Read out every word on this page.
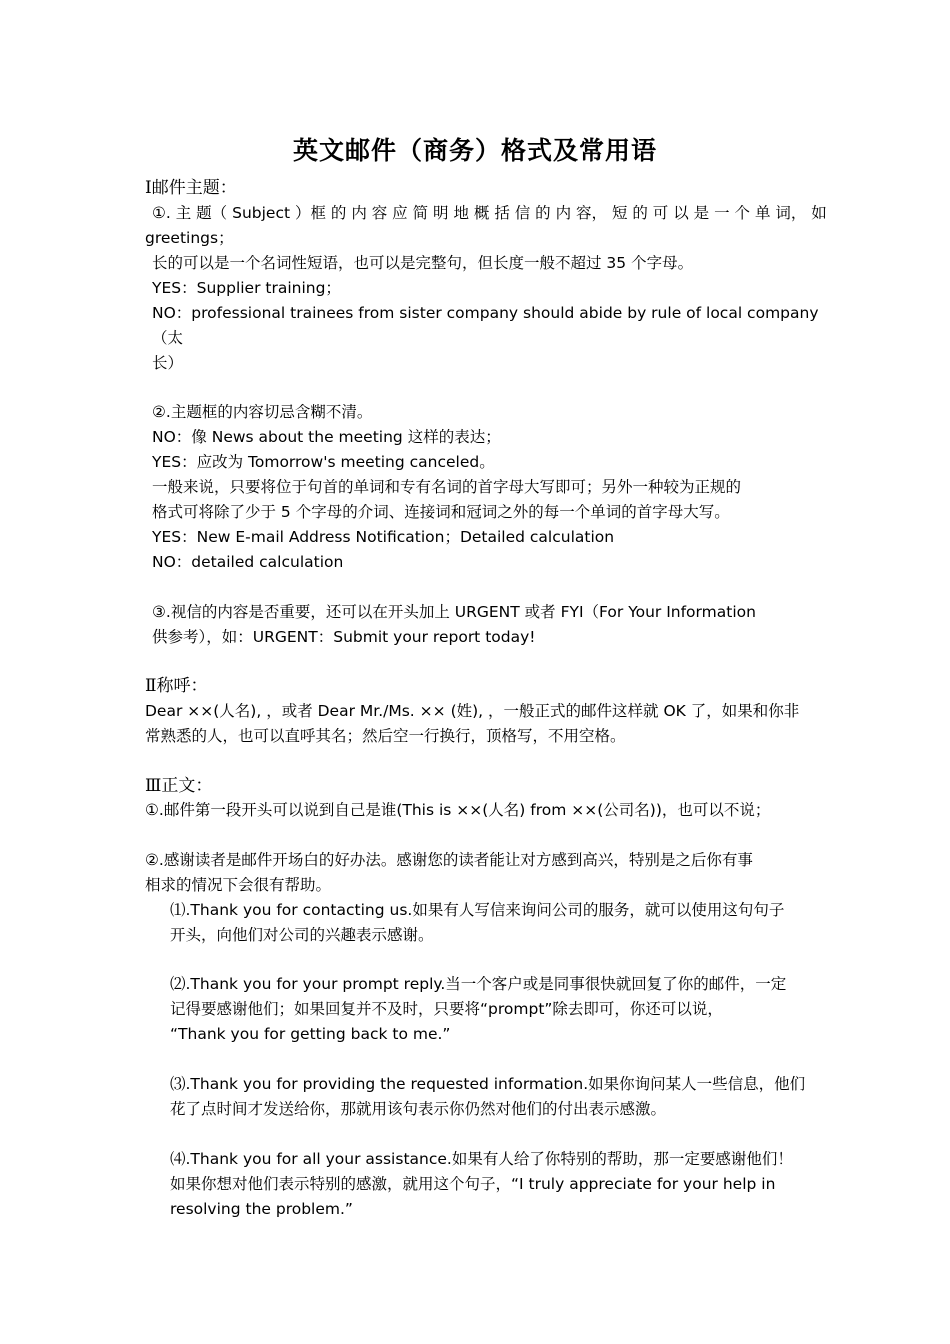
英文邮件（商务）格式及常用语
Ⅰ邮件主题：
①. 主 题（ Subject ）框 的 内 容 应 简 明 地 概 括 信 的 内 容， 短 的 可 以 是 一 个 单 词， 如
greetings；
长的可以是一个名词性短语，也可以是完整句，但长度一般不超过 35 个字母。
YES：Supplier training；
NO：professional trainees from sister company should abide by rule of local company
（太
长）
②.主题框的内容切忌含糊不清。
NO：像 News about the meeting 这样的表达；
YES：应改为 Tomorrow's meeting canceled。
一般来说，只要将位于句首的单词和专有名词的首字母大写即可；另外一种较为正规的
格式可将除了少于 5 个字母的介词、连接词和冠词之外的每一个单词的首字母大写。
YES：New E-mail Address Notification；Detailed calculation
NO：detailed calculation
③.视信的内容是否重要，还可以在开头加上 URGENT 或者 FYI（For Your Information
供参考），如：URGENT：Submit your report today!
Ⅱ称呼：
Dear ××(人名), ，或者 Dear Mr./Ms. ×× (姓), ，一般正式的邮件这样就 OK 了，如果和你非
常熟悉的人，也可以直呼其名；然后空一行换行，顶格写，不用空格。
Ⅲ正文：
①.邮件第一段开头可以说到自己是谁(This is ××(人名) from ××(公司名))，也可以不说；
②.感谢读者是邮件开场白的好办法。感谢您的读者能让对方感到高兴，特别是之后你有事
相求的情况下会很有帮助。
⑴.Thank you for contacting us.如果有人写信来询问公司的服务，就可以使用这句句子
开头，向他们对公司的兴趣表示感谢。
⑵.Thank you for your prompt reply.当一个客户或是同事很快就回复了你的邮件，一定
记得要感谢他们；如果回复并不及时，只要将“prompt”除去即可，你还可以说，
“Thank you for getting back to me.”
⑶.Thank you for providing the requested information.如果你询问某人一些信息，他们
花了点时间才发送给你，那就用该句表示你仍然对他们的付出表示感激。
⑷.Thank you for all your assistance.如果有人给了你特别的帮助，那一定要感谢他们！
如果你想对他们表示特别的感激，就用这个句子，“I truly appreciate for your help in
resolving the problem.”
